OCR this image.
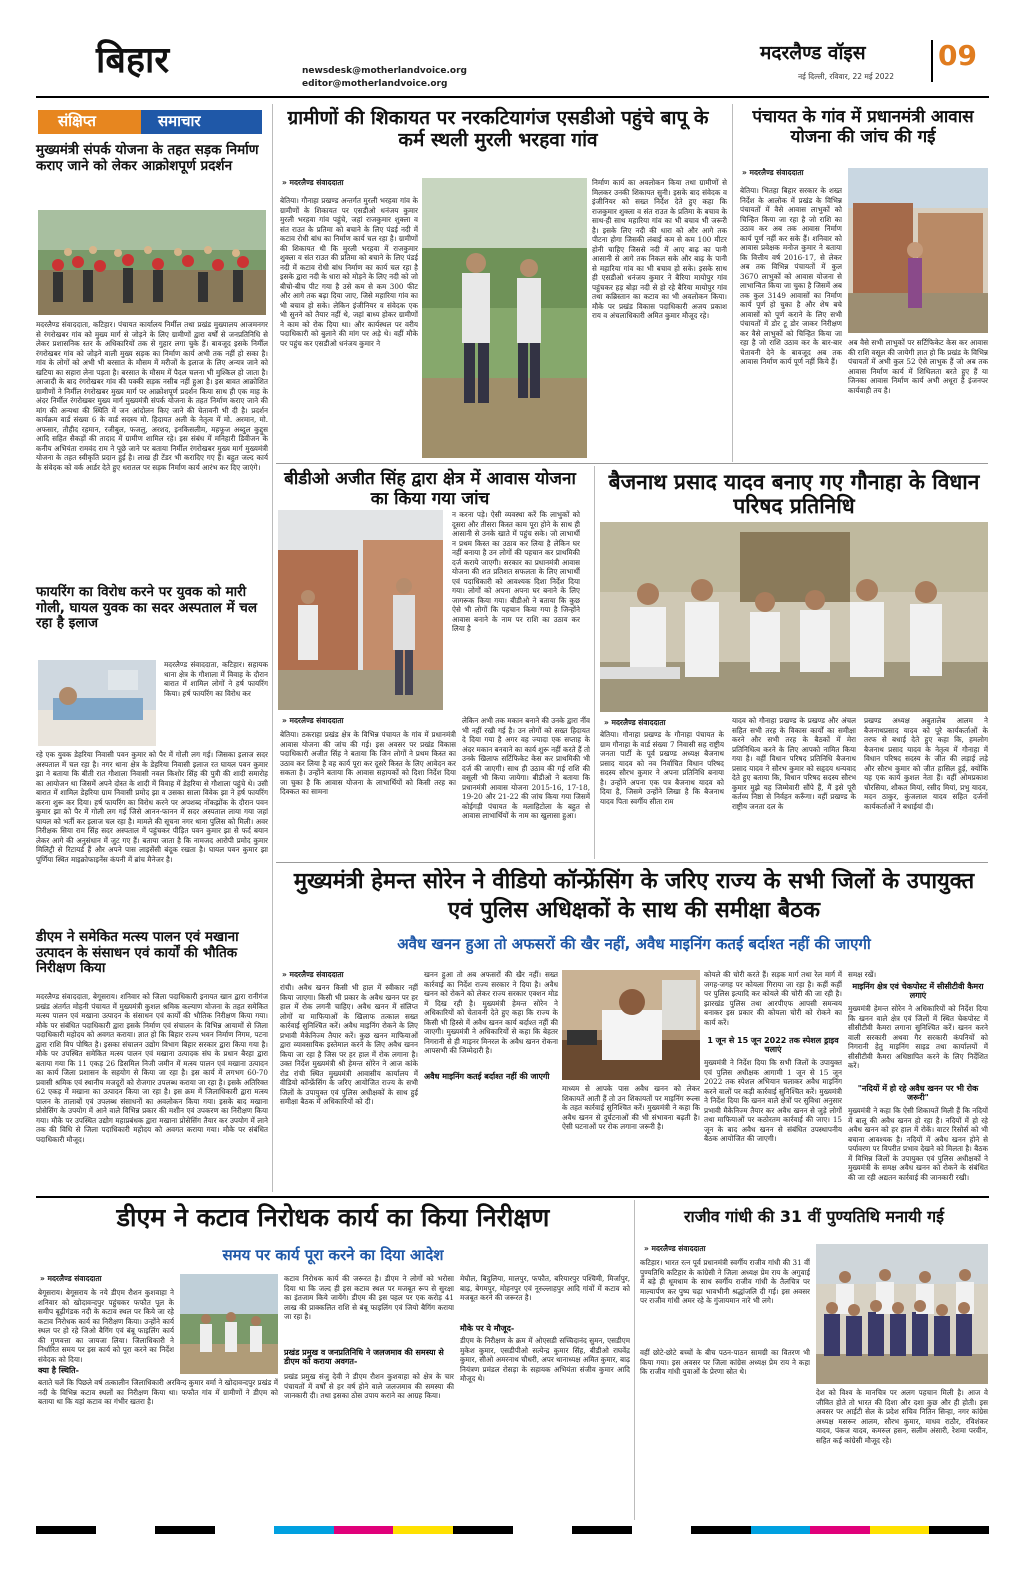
बिहार	newsdesk@motherlandvoice.org
editor@motherlandvoice.org
मदरलैण्ड वॉइस
नई दिल्ली, रविवार, 22 मई 2022
09
संक्षिप्त	समाचार
मुख्यमंत्री संपर्क योजना के तहत सड़क निर्माण कराए जाने को लेकर आक्रोशपूर्ण प्रदर्शन
मदरलैण्ड संवाददाता, कटिहार। पंचायत कार्यालय निर्मील तथा प्रखंड मुख्यालय आजमनगर से रंगरोखबर गांव को मुख्य मार्ग से जोड़ने के लिए ग्रामीणों द्वारा वर्षों से जनप्रतिनिधि से लेकर प्रशासनिक स्तर के अधिकारियों तक से गुहार लगा चुके हैं। बावजूद इसके निर्मील रंगरोखबर गांव को जोड़ने वाली मुख्य सड़क का निर्माण कार्य अभी तक नहीं हो सका है। गांव के लोगों को अभी भी बरसात के मौसम में मरीजों के इलाज के लिए अन्यत्र जाने को खटिया का सहारा लेना पड़ता है। बरसात के मौसम में पैदल चलना भी मुश्किल हो जाता है। आजादी के बाद रंगरोखबर गांव की पक्की सड़क नसीब नहीं हुआ है। इस बावत आक्रोशित ग्रामीणों ने निर्मील रंगरोखबर मुख्य मार्ग पर आक्रोशपूर्ण प्रदर्शन किया साथ ही एक माह के अंदर निर्मील रंगरोखबर मुख्य मार्ग मुख्यमंत्री संपर्क योजना के तहत निर्माण कराए जाने की मांग की अन्यथा की स्थिति में जन आंदोलन किए जाने की चेतावनी भी दी है। प्रदर्शन कार्यक्रम वार्ड संख्या 6 के वार्ड सदस्य मो. हिदायत अली के नेतृत्व में मो. अरमान, मो. अफसार, तौहीद रहमान, रजीबुल, फजलु, अरशद, इनकिसलीम, महफूज अब्दुल कुद्दुस आदि सहित सैकड़ों की तादाद में ग्रामीण शामिल रहे। इस संबंध में मनिहारी डिवीजन के कनीय अभियंता रामवंद राम ने पूछे जाने पर बताया निर्मील रंगरोखबर मुख्य मार्ग मुख्यमंत्री योजना के तहत स्वीकृति प्रदान हुई है। लाख ही टेंडर भी करादिए गए हैं। बहुत जल्द कार्य के संवेदक को वर्क आर्डर देते हुए धरातल पर सड़क निर्माण कार्य आरंभ कर दिए जाएंगे।
फायरिंग का विरोध करने पर युवक को मारी गोली, घायल युवक का सदर अस्पताल में चल रहा है इलाज
मदरलैण्ड संवाददाता, कटिहार। सहायक थाना क्षेत्र के गौशाला में विवाह के दौरान बारात में शामिल लोगों ने हर्ष फायरिंग किया। हर्ष फायरिंग का विरोध कर
रहे एक युवक डेहरिया निवासी पवन कुमार को पैर में गोली लग गई। जिसका इलाज सदर अस्पताल में चल रहा है। नगर थाना क्षेत्र के डेहरिया निवासी इलाज रत घायल पवन कुमार झा ने बताया कि बीती रात गौशाला निवासी नवल किशोर सिंह की पुत्री की शादी समारोह का आयोजन था जिसमें अपने दोस्त के शादी में विवाह में डेहरिया से गौशाला पहुंचे थे। उसी बारात में शामिल डेहरिया ग्राम निवासी प्रमोद झा व उसका साला विवेक झा ने हर्ष फायरिंग करना शुरू कर दिया। हर्ष फायरिंग का विरोध करने पर अपशब्द नोंकझोंक के दौरान पवन कुमार झा को पैर में गोली लग गई जिसे आनन-फानन में सदर अस्पताल लाया गया जहां घायल को भर्ती कर इलाज चल रहा है। मामले की सूचना नगर थाना पुलिस को मिली। अवर निरीक्षक सिया राम सिंह सदर अस्पताल में पहुंचकर पीड़ित पवन कुमार झा से फर्द बयान लेकर आगे की अनुसंधान में जुट गए हैं। बताया जाता है कि नामजद आरोपी प्रमोद कुमार मिलिट्री से रिटायर्ड हैं और अपने पास लाइसेंसी बंदूक रखता है। घायल पवन कुमार झा पूर्णिया स्थित माइक्रोफाइनेंस कंपनी में ब्रांच मैनेजर है।
डीएम ने समेकित मत्स्य पालन एवं मखाना उत्पादन के संसाधन एवं कार्यों की भौतिक निरीक्षण किया
मदरलैण्ड संवाददाता, बेगूसराय। शनिवार को जिला पदाधिकारी इनायत खान द्वारा रानीगंज प्रखंड अंतर्गत मोहनी पंचायत में मुख्यमंत्री कुशल श्रमिक कल्याण योजना के तहत समेकित मत्स्य पालन एवं मखाना उत्पादन के संसाधन एवं कार्यों की भौतिक निरीक्षण किया गया। मौके पर संबंधित पदाधिकारी द्वारा इसके निर्माण एवं संचालन के विभिन्न आयामों से जिला पदाधिकारी महोदय को अवगत कराया। ज्ञात हो कि बिहार राज्य भवन निर्माण निगम, पटना द्वारा राशि विप पोषित है। इसका संचालन उद्योग विभाग बिहार सरकार द्वारा किया गया है। मौके पर उपस्थित समेकित मत्स्य पालन एवं मखाना उत्पादक संघ के प्रधान बैरहा द्वारा बताया गया कि 11 एकड़ 26 डिसमिल निजी जमीन में मत्स्य पालन एवं मखाना उत्पादन का कार्य जिला प्रशासन के सहयोग से किया जा रहा है। इस कार्य में लगभग 60-70 प्रवासी श्रमिक एवं स्थानीय मजदूरों को रोजगार उपलब्ध कराया जा रहा है। इसके अतिरिक्त 62 एकड़ में मखाना का उत्पादन किया जा रहा है। इस क्रम में जिलाधिकारी द्वारा मत्स्य पालन के तालाबों एवं उपलब्ध संसाधनों का अवलोकन किया गया। इसके बाद मखाना प्रोसेसिंग के उपयोग में आने वाले विभिन्न प्रकार की मशीन एवं उपकरण का निरीक्षण किया गया। मौके पर उपस्थित उद्योग महाप्रबंधक द्वारा मखाना प्रोसेसिंग तैयार कर उपयोग में लाने तक की विधि से जिला पदाधिकारी महोदय को अवगत कराया गया। मौके पर संबंधित पदाधिकारी मौजूद।
ग्रामीणों की शिकायत पर नरकटियागंज एसडीओ पहुंचे बापू के कर्म स्थली मुरली भरहवा गांव
» मदरलैण्ड संवाददाता
बेतिया। गौनाहा प्रखण्ड अन्तर्गत मुरली भरहवा गांव के ग्रामीणों के शिकायत पर एसडीओ धनंजय कुमार मुरली भरहवा गांव पहुंचे, जहां राजकुमार शुक्ला व संत राउत के प्रतिमा को बचाने के लिए पंडई नदी में कटाव रोधी बांध का निर्माण कार्य चल रहा है। ग्रामीणों की शिकायत थी कि मुरली भरहवा में राजकुमार शुक्ला व संत राउत की प्रतिमा को बचाने के लिए पंडई नदी में कटाव रोधी बांध निर्माण का कार्य चल रहा है इसके द्वारा नदी के धारा को मोड़ने के लिए नदी को जो बीचो-बीच पीट गया है उसे कम से कम 300 फीट और आगे तक बढ़ा दिया जाए, जिसे महारिया गांव का भी बचाव हो सके। लेकिन इंजीनियर व संवेदक एक भी सुनने को तैयार नहीं थे, जहां बाध्य होकर ग्रामीणों ने काम को रोक दिया था। और कार्यस्थल पर वरीय पदाधिकारी को बुलाने की मांग पर अड़े थे। वहीं मौके पर पहुंच कर एसडीओ धनंजय कुमार ने
निर्माण कार्य का अवलोकन किया तथा ग्रामीणों से मिलकर उनकी शिकायत सुनी। इसके बाद संवेदक व इंजीनियर को सख्त निर्देश देते हुए कहा कि राजकुमार शुक्ला व संत राउत के प्रतिमा के बचाव के साथ-ही साथ महारिया गांव का भी बचाव भी जरूरी है। इसके लिए नदी की धारा को और आगे तक पीटना होगा जिसकी लंबाई कम से कम 100 मीटर होनी चाहिए जिससे नदी में आए बाढ़ का पानी आसानी से आगे तक निकल सके और बाढ़ के पानी से महारिया गांव का भी बचाव हो सके। इसके साथ ही एसडीओ धनंजय कुमार ने बैरिया मायोपुर गांव पहुंचकर हड़ बोड़ा नदी से हो रहे बैरिया मायोपुर गांव तथा कब्रिस्तान का कटाव का भी अवलोकन किया। मौके पर प्रखंड विकास पदाधिकारी अजय प्रकाश राय व अंचलाधिकारी अमित कुमार मौजूद रहे।
पंचायत के गांव में प्रधानमंत्री आवास योजना की जांच की गई
» मदरलैण्ड संवाददाता
बेतिया। भितहा बिहार सरकार के शख्त निर्देश के आलोक में प्रखंड के विभिन्न पंचायतों में वैसे आवास लाभुकों को चिन्हित किया जा रहा है जो राशि का उठाव कर अब तक आवास निर्माण कार्य पूर्ण नहीं कर सके हैं। शनिवार को आवास प्रवेक्षक मनोज कुमार ने बताया कि वित्तीय वर्ष 2016-17, से लेकर अब तक विभिन्न पंचायतों में कुल 3670 लाभुकों को आवास योजना से लाभान्वित किया जा चुका है जिसमें अब तक कुल 3149 आवासों का निर्माण कार्य पूर्ण हो चुका है और शेष बचे आवासों को पूर्ण कराने के लिए सभी पंचायतों में डोर टू डोर जाकर निरीक्षण कर वैसे लाभुकों को चिन्हित किया जा रहा है जो राशि उठाव कर के बार-बार चेतावनी देने के बावजूद अब तक आवास निर्माण कार्य पूर्ण नहीं किये हैं।
अब वैसे सभी लाभुकों पर सर्टिफिकेट केस कर आवास की राशि वसूल की जायेगी ज्ञात हो कि प्रखंड के विभिन्न पंचायतों में अभी कुल 52 ऐसे लाभुक हैं जो अब तक आवास निर्माण कार्य में शिथिलता बरते हुए हैं या जिनका आवास निर्माण कार्य अभी अधूरा है इंजनपर कार्यवाही तय है।
बीडीओ अजीत सिंह द्वारा क्षेत्र में आवास योजना का किया गया जांच
न करना पड़े। ऐसी व्यवस्था करें कि लाभुकों को दूसरा और तीसरा किस्त काम पूरा होने के साथ ही आसानी से उनके खाते में पहुंच सके। जो लाभार्थी न प्रथम किस्त का उठाव कर लिया है लेकिन घर नहीं बनाया है उन लोगों की पहचान कर प्राथमिकी दर्ज कराये जाएगी। सरकार का प्रधानमंत्री आवास योजना की शत प्रतिशत सफलता के लिए लाभार्थी एवं पदाधिकारी को आवश्यक दिशा निर्देश दिया गया। लोगों को अपना अपना घर बनाने के लिए जागरूक किया गया। बीडीओ ने बताया कि कुछ ऐसे भी लोगों कि पहचान किया गया है जिन्होंने आवास बनाने के नाम पर राशि का उठाव कर लिया है
» मदरलैण्ड संवाददाता
बेतिया। ठकराहा प्रखंड क्षेत्र के विभिन्न पंचायत के गांव में प्रधानमंत्री आवास योजना की जांच की गई। इस अवसर पर प्रखंड विकास पदाधिकारी अजीत सिंह ने बताया कि जिन लोगों ने प्रथम किस्त का उठाव कर लिया है वह कार्य पूरा कर दूसरे किस्त के लिए आवेदन कर सकता है। उन्होंने बताया कि आवास सहायकों को दिशा निर्देश दिया जा चुका है कि आवास योजना के लाभार्थियों को किसी तरह का दिक्कत का सामना
लेकिन अभी तक मकान बनाने की उनके द्वारा नींव भी नहीं रखी गई है। उन लोगों को सख्त हिदायत दे दिया गया है अगर वह ज्यादा एक सप्ताह के अंदर मकान बनवाने का कार्य शुरू नहीं करते हैं तो उनके खिलाफ सर्टिफिकेट केस कर प्राथमिकी भी दर्ज की जाएगी। साथ ही उठाव की गई राशि की वसूली भी किया जायेगा। बीडीओ ने बताया कि प्रधानमंत्री आवास योजना 2015-16, 17-18, 19-20 और 21-22 की जांच किया गया जिसमें कोईगड़ी पंचायत के मलाहिटोला के बहुत से आवास लाभार्थियों के नाम का खुलासा हुआ।
बैजनाथ प्रसाद यादव बनाए गए गौनाहा के विधान परिषद प्रतिनिधि
» मदरलैण्ड संवाददाता
बेतिया। गौनाहा प्रखण्ड के गौनाहा पंचायत के ग्राम गौनाहा के वार्ड संख्या 7 निवासी सह राष्ट्रीय जनता पार्टी के पूर्व प्रखण्ड अध्यक्ष बैजनाथ प्रसाद यादव को नव निर्वाचित विधान परिषद सदस्य सौरभ कुमार ने अपना प्रतिनिधि बनाया है। उन्होंने अपना एक पत्र बैजनाथ यादव को दिया है, जिसमे उन्होंने लिखा है कि बैजनाथ यादव पिता स्वर्गीय सीता राम
यादव को गौनाहा प्रखण्ड के प्रखण्ड और अंचल सहित सभी तरह के विकास कार्यों का समीक्षा करने और सभी तरह के बैठकों में मेरा प्रतिनिधित्व करने के लिए आपको नामित किया गया है। वहीं विधान परिषद प्रतिनिधि बैजनाथ प्रसाद यादव ने सौरभ कुमार को सहृदय धन्यवाद देते हुए बताया कि, विधान परिषद सदस्य सौरभ कुमार मुझे यह जिम्मेवारी सौंपे हैं, मैं इसे पूरी कर्तव्य निष्ठा से निर्वहन करूँगा। वहीं प्रखण्ड के राष्ट्रीय जनता दल के
प्रखण्ड अध्यक्ष अबुतालेब आलम ने बैजनाथप्रसाद यादव को पूरे कार्यकर्ताओं के तरफ से बधाई देते हुए कहा कि, हमलोग बैजनाथ प्रसाद यादव के नेतृत्व में गौनाहा में विधान परिषद सदस्य के जीत की लड़ाई लड़े और सौरभ कुमार को जीत हासिल हुई, क्योंकि यह एक कार्य कुशल नेता हैं। वहीं ओमप्रकाश चौरसिया, शौकत मियां, रसीद मियां, प्रभु यादव, मदन ठाकुर, कुंजलाल यादव सहित दर्जनों कार्यकर्ताओं ने बधाईयां दी।
मुख्यमंत्री हेमन्त सोरेन ने वीडियो कॉन्फ्रेंसिंग के जरिए राज्य के सभी जिलों के उपायुक्त एवं पुलिस अधिक्षकों के साथ की समीक्षा बैठक
अवैध खनन हुआ तो अफसरों की खैर नहीं, अवैध माइनिंग कतई बर्दाश्त नहीं की जाएगी
» मदरलैण्ड संवाददाता
रांची। अवैध खनन किसी भी हाल में स्वीकार नहीं किया जाएगा। किसी भी प्रकार के अवैध खनन पर हर हाल में रोक लगनी चाहिए। अवैध खनन में संलिप्त लोगों या माफियाओं के खिलाफ तत्काल सख्त कार्रवाई सुनिश्चित करें। अवैध माइनिंग रोकने के लिए प्रभावी मैकेनिज्म तैयार करें। कुछ खनन माफियाओं द्वारा व्यावसायिक इस्तेमाल करने के लिए अवैध खनन किया जा रहा है जिस पर हर हाल में रोक लगाना है। उक्त निर्देश मुख्यमंत्री श्री हेमन्त सोरेन ने आज कांके रोड रांची स्थित मुख्यमंत्री आवासीय कार्यालय में वीडियो कॉन्फ्रेंसिंग के जरिए आयोजित राज्य के सभी जिलों के उपायुक्त एवं पुलिस अधीक्षकों के साथ हुई समीक्षा बैठक में अधिकारियों को दी।
खनन हुआ तो अब अफसरों की खैर नहीं। सख्त कार्रवाई का निर्देश राज्य सरकार ने दिया है। अवैध खनन को रोकने को लेकर राज्य सरकार एक्शन मोड में दिख रही है। मुख्यमंत्री हेमन्त सोरेन ने अधिकारियों को चेतावनी देते हुए कहा कि राज्य के किसी भी हिस्से में अवैध खनन कार्य बर्दाश्त नहीं की जाएगी। मुख्यमंत्री ने अधिकारियों से कहा कि बेहतर निगरानी से ही माइनर मिनरल के अवैध खनन रोकना आपसभी की जिम्मेदारी है।
अवैध माइनिंग कतई बर्दाश्त नहीं की जाएगी
माध्यम से आपके पास अवैध खनन को लेकर शिकायतें आती हैं तो उन शिकायतों पर माइनिंग रूल्स के तहत कार्रवाई सुनिश्चित करें। मुख्यमंत्री ने कहा कि अवैध खनन से दुर्घटनाओं की भी संभावना बढ़ती है। ऐसी घटनाओं पर रोक लगाना जरूरी है।
कोयले की चोरी करते हैं। सड़क मार्ग तथा रेल मार्ग में जगह-जगह पर कोयला गिराया जा रहा है। कहीं कहीं पर पुलिस इत्यादि कर कोयले की चोरी की जा रही है। झारखंड पुलिस तथा आरपीएफ आपसी समन्वय बनाकर इस प्रकार की कोयला चोरी को रोकने का कार्य करें।
1 जून से 15 जून 2022 तक स्पेशल ड्राइव चलाएं
मुख्यमंत्री ने निर्देश दिया कि सभी जिलों के उपायुक्त एवं पुलिस अधीक्षक आगामी 1 जून से 15 जून 2022 तक स्पेशल अभियान चलाकर अवैध माइनिंग करने वालों पर कड़ी कार्रवाई सुनिश्चित करें। मुख्यमंत्री ने निर्देश दिया कि खनन वाले क्षेत्रों पर सुविधा अनुसार प्रभावी मैकेनिज्म तैयार कर अवैध खनन से जुड़े लोगों तथा माफियाओं पर कठोरतम कार्रवाई की जाए। 15 जून के बाद अवैध खनन से संबंधित उपस्थापनीय बैठक आयोजित की जाएगी।
समक्ष रखें।
माइनिंग क्षेत्र एवं चेकपोस्ट में सीसीटीवी कैमरा लगाएं
मुख्यमंत्री हेमन्त सोरेन ने अधिकारियों को निर्देश दिया कि खनन वाले क्षेत्र एवं जिलों में स्थित चेकपोस्ट में सीसीटीवी कैमरा लगाना सुनिश्चित करें। खनन करने वाली सरकारी अथवा गैर सरकारी कंपनियों को निगरानी हेतु माइनिंग साइड तथा कार्यालयों में सीसीटीवी कैमरा अधिष्ठापित करने के लिए निर्देशित करें।
"नदियों में हो रहे अवैध खनन पर भी रोक जरूरी"
मुख्यमंत्री ने कहा कि ऐसी शिकायतें मिली हैं कि नदियों में बालू की अवैध खनन हो रहा है। नदियों में हो रहे अवैध खनन को हर हाल में रोकें। वाटर रिसोर्स को भी बचाना आवश्यक है। नदियों में अवैध खनन होने से पर्यावरण पर विपरीत प्रभाव देखने को मिलता है। बैठक में विभिन्न जिलों के उपायुक्त एवं पुलिस अधीक्षकों ने मुख्यमंत्री के समक्ष अवैध खनन को रोकने के संबंधित की जा रही अद्यतन कार्रवाई की जानकारी रखी।
डीएम ने कटाव निरोधक कार्य का किया निरीक्षण
समय पर कार्य पूरा करने का दिया आदेश
» मदरलैण्ड संवाददाता
बेगूसराय। बेगूसराय के नये डीएम रौशन कुशवाहा ने शनिवार को खोदावन्दपुर पहुंचकर फफौत पूल के समीप बूढ़ीगंडक नदी के कटाव स्थल पर किये जा रहे कटाव निरोधक कार्य का निरीक्षण किया। उन्होंने कार्य स्थल पर हो रहे जिओ बैगिंग एवं बंबू फाइलिंग कार्य की गुणवत्ता का जायजा लिया। जिलाधिकारी ने निर्धारित समय पर इस कार्य को पूरा करने का निर्देश संवेदक को दिया।
क्या है स्थिति-
बताते चलें कि पिछले वर्ष तत्कालीन जिलाधिकारी अरविन्द कुमार वर्मा ने खोदावन्दपुर प्रखंड में नदी के विभिन्न कटाव स्थलों का निरीक्षण किया था। फफौत गांव में ग्रामीणों ने डीएम को बताया था कि यहां कटाव का गंभीर खतरा है।
कटाव निरोधक कार्य की जरूरत है। डीएम ने लोगों को भरोसा दिया था कि जल्द ही इस कटाव स्थल पर मजबूत रूप से सुरक्षा का इंतजाम किये जायेंगे। डीएम की इस पहल पर एक करोड़ 41 लाख की प्राक्कलित राशि से बंबू फाइलिंग एवं जियो बैगिंग कराया जा रहा है।
प्रखंड प्रमुख व जनप्रतिनिधि ने जलजमाव की समस्या से डीएम को कराया अवगत-
प्रखंड प्रमुख संजु देवी ने डीएम रौशन कुशवाहा को क्षेत्र के चार पंचायतों में वर्षों से हर वर्ष होने वाले जलजमाव की समस्या की जानकारी दी। तथा इसका ठोस उपाय कराने का आग्रह किया।
मेघौल, बिदुलिया, मालपुर, फफौत, बरियारपुर पश्चिमी, मिर्जापुर, बाढ़, बेगमपुर, मोहनपुर एवं नूरुल्लाहपुर आदि गांवों में कटाव को मजबूत करने की जरूरत है।
मौके पर ये मौजूद-
डीएम के निरीक्षण के क्रम में ओएसडी सच्चिदानंद सुमन, एसडीएम मुकेश कुमार, एसडीपीओ सत्येन्द्र कुमार सिंह, बीडीओ राघवेंद्र कुमार, सीओ अमरनाथ चौधरी, अपर थानाध्यक्ष अमित कुमार, बाढ़ नियंत्रण प्रमंडल रोसड़ा के सहायक अभियंता संजीव कुमार आदि मौजूद थे।
राजीव गांधी की 31 वीं पुण्यतिथि मनायी गई
» मदरलैण्ड संवाददाता
कटिहार। भारत रत्न पूर्व प्रधानमंत्री स्वर्गीय राजीव गांधी की 31 वीं पुण्यतिथि कटिहार के कांग्रेसी ने जिला अध्यक्ष प्रेम राय के अगुवाई में बड़े ही धूमधाम के साथ स्वर्गीय राजीव गांधी के तैलचित्र पर माल्यार्पण कर पुष्प चढ़ा भावभीनी श्रद्धांजलि दी गई। इस अवसर पर राजीव गांधी अमर रहे के गुंजायमान नारे भी लगे।
वहीं छोटे-छोटे बच्चों के बीच पठन-पाठन सामग्री का वितरण भी किया गया। इस अवसर पर जिला कांग्रेस अध्यक्ष प्रेम राय ने कहा कि राजीव गांधी युवाओं के प्रेरणा स्रोत थे।
देश को विश्व के मानचित्र पर अलग पहचान मिली है। आज वे जीवित होते तो भारत की दिशा और दशा कुछ और ही होती। इस अवसर पर आईटी सेल के प्रदेश सचिव नितिन सिन्हा, नगर कांग्रेस अध्यक्ष मसरूर आलम, सौरभ कुमार, माधव राठौर, रविशंकर यादव, पंकज यादव, कमरुल हसन, सलीम अंसारी, रेशमा परवीन, सहित कई कांग्रेसी मौजूद रहे।
